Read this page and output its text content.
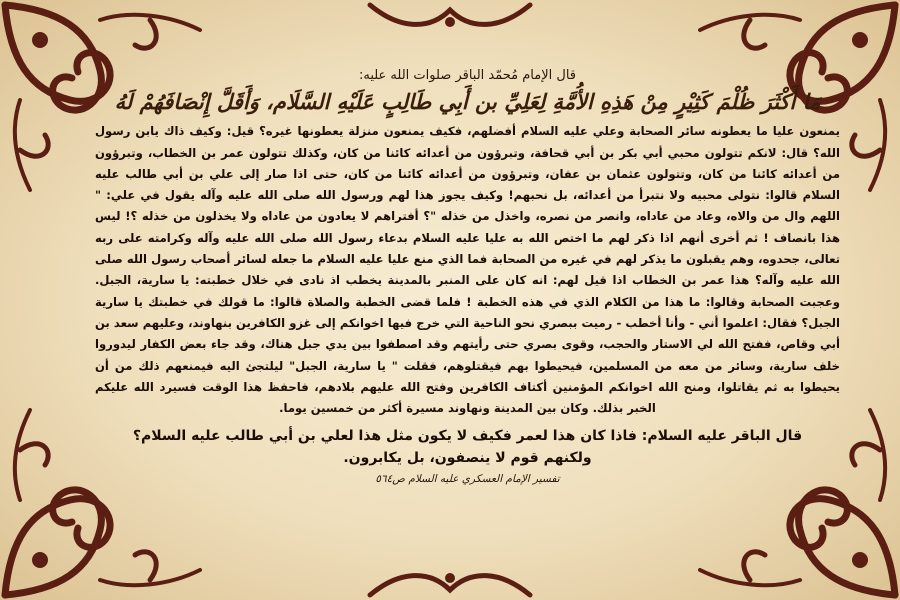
قال الإمام مُحمّد الباقر صلوات الله عليه:

مَا أَكْثَرَ ظُلْمَ كَثِيْرٍ مِنْ هَذِهِ الأُمَّةِ لِعَلِيِّ بن أَبِي طَالِبٍ عَلَيْهِ السَّلَام، وَأَقَلَّ إِنْصَافَهُمْ لَهُ

يمنعون عليا ما يعطونه سائر الصحابة وعلي عليه السلام أفضلهم، فكيف يمنعون منزلة يعطونها غيره؟ قيل: وكيف ذاك يابن رسول الله؟ قال: لانكم تتولون محبي أبي بكر بن أبي قحافة، وتبرؤون من أعدائه كائنا من كان، وكذلك تتولون عمر بن الخطاب، وتبرؤون من أعدائه كائنا من كان، وتتولون عثمان بن عفان، وتبرؤون من أعدائه كائنا من كان، حتى اذا صار إلى علي بن أبي طالب عليه السلام قالوا: نتولى محبيه ولا نتبرأ من أعدائه، بل نحبهم! وكيف يجوز هذا لهم ورسول الله صلى الله عليه وآله يقول في علي: " اللهم وال من والاه، وعاد من عاداه، وانصر من نصره، واخذل من خذله "؟ أفتراهم لا يعادون من عاداه ولا يخذلون من خذله ؟! ليس هذا بانصاف ! ثم أخرى أنهم اذا ذكر لهم ما اختص الله به عليا عليه السلام بدعاء رسول الله صلى الله عليه وآله وكرامته على ربه تعالى، جحدوه، وهم يقبلون ما يذكر لهم في غيره من الصحابة فما الذي منع عليا عليه السلام ما جعله لسائر أصحاب رسول الله صلى الله عليه وآله؟ هذا عمر بن الخطاب اذا قيل لهم: انه كان على المنبر بالمدينة يخطب اذ نادى في خلال خطبته: يا سارية، الجبل. وعجبت الصحابة وقالوا: ما هذا من الكلام الذي في هذه الخطبة ! فلما قضى الخطبة والصلاة قالوا: ما قولك في خطبتك يا سارية الجبل؟ فقال: اعلموا أني - وأنا أخطب - رميت ببصري نحو الناحية التي خرج فيها اخوانكم إلى غزو الكافرين بنهاوند، وعليهم سعد بن أبي وقاص، ففتح الله لي الاستار والحجب، وقوى بصري حتى رأيتهم وقد اصطفوا بين يدي جبل هناك، وقد جاء بعض الكفار ليدوروا خلف سارية، وسائر من معه من المسلمين، فيحيطوا بهم فيقتلوهم، فقلت " يا سارية، الجبل" ليلتجئ اليه فيمنعهم ذلك من أن يحيطوا به ثم يقاتلوا، ومنح الله اخوانكم المؤمنين أكتاف الكافرين وفتح الله عليهم بلادهم، فاحفظ هذا الوقت فسيرد الله عليكم الخبر بذلك. وكان بين المدينة ونهاوند مسيرة أكثر من خمسين يوما.

قال الباقر عليه السلام: فاذا كان هذا لعمر فكيف لا يكون مثل هذا لعلي بن أبي طالب عليه السلام؟

ولكنهم قوم لا ينصفون، بل يكابرون.

تفسير الإمام العسكري عليه السلام ص٥٦٤
